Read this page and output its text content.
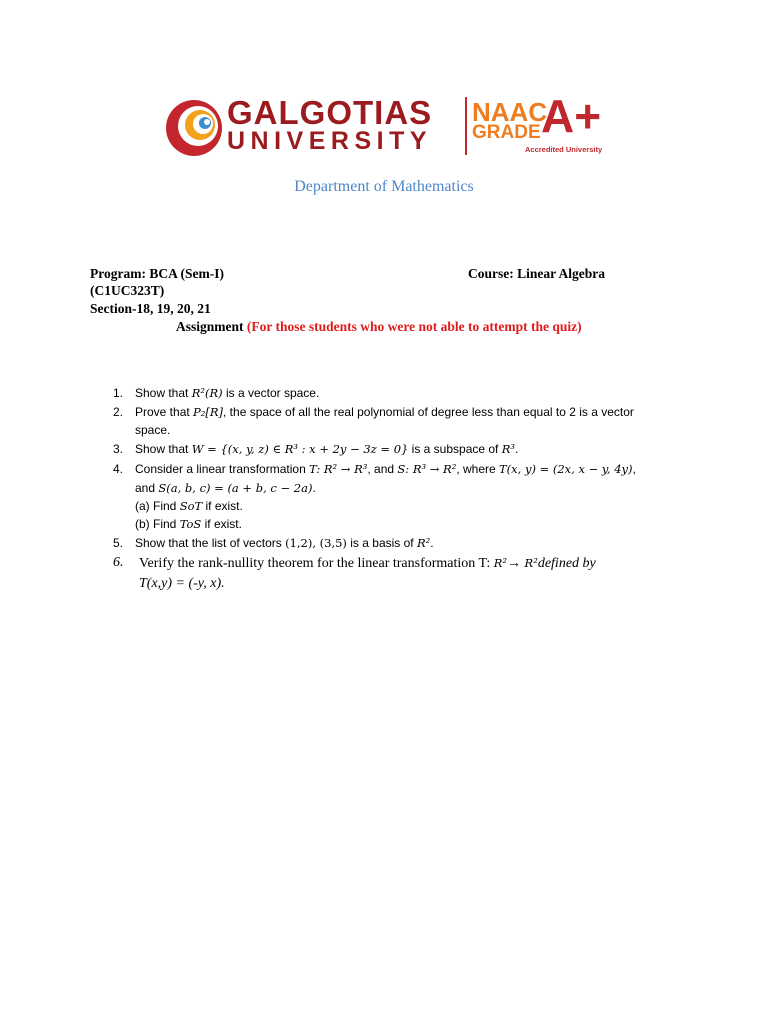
GALGOTIAS
UNIVERSITY
NAAC
GRADE A+
Accredited University
Department of Mathematics
Program: BCA (Sem-I)	Course: Linear Algebra
(C1UC323T)
Section-18, 19, 20, 21
Assignment (For those students who were not able to attempt the quiz)
1. Show that R²(R) is a vector space.
2. Prove that P₂[R], the space of all the real polynomial of degree less than equal to 2 is a vector
space.
3. Show that W = {(x, y, z) ∈ R³ : x + 2y − 3z = 0} is a subspace of R³.
4. Consider a linear transformation T: R² → R³, and S: R³ → R², where T(x, y) = (2x, x − y, 4y),
and S(a, b, c) = (a + b, c − 2a).
(a) Find SoT if exist.
(b) Find ToS if exist.
5. Show that the list of vectors (1,2), (3,5) is a basis of R².
6. Verify the rank-nullity theorem for the linear transformation T: R²→ R²defined by
T(x,y) = (-y, x).
